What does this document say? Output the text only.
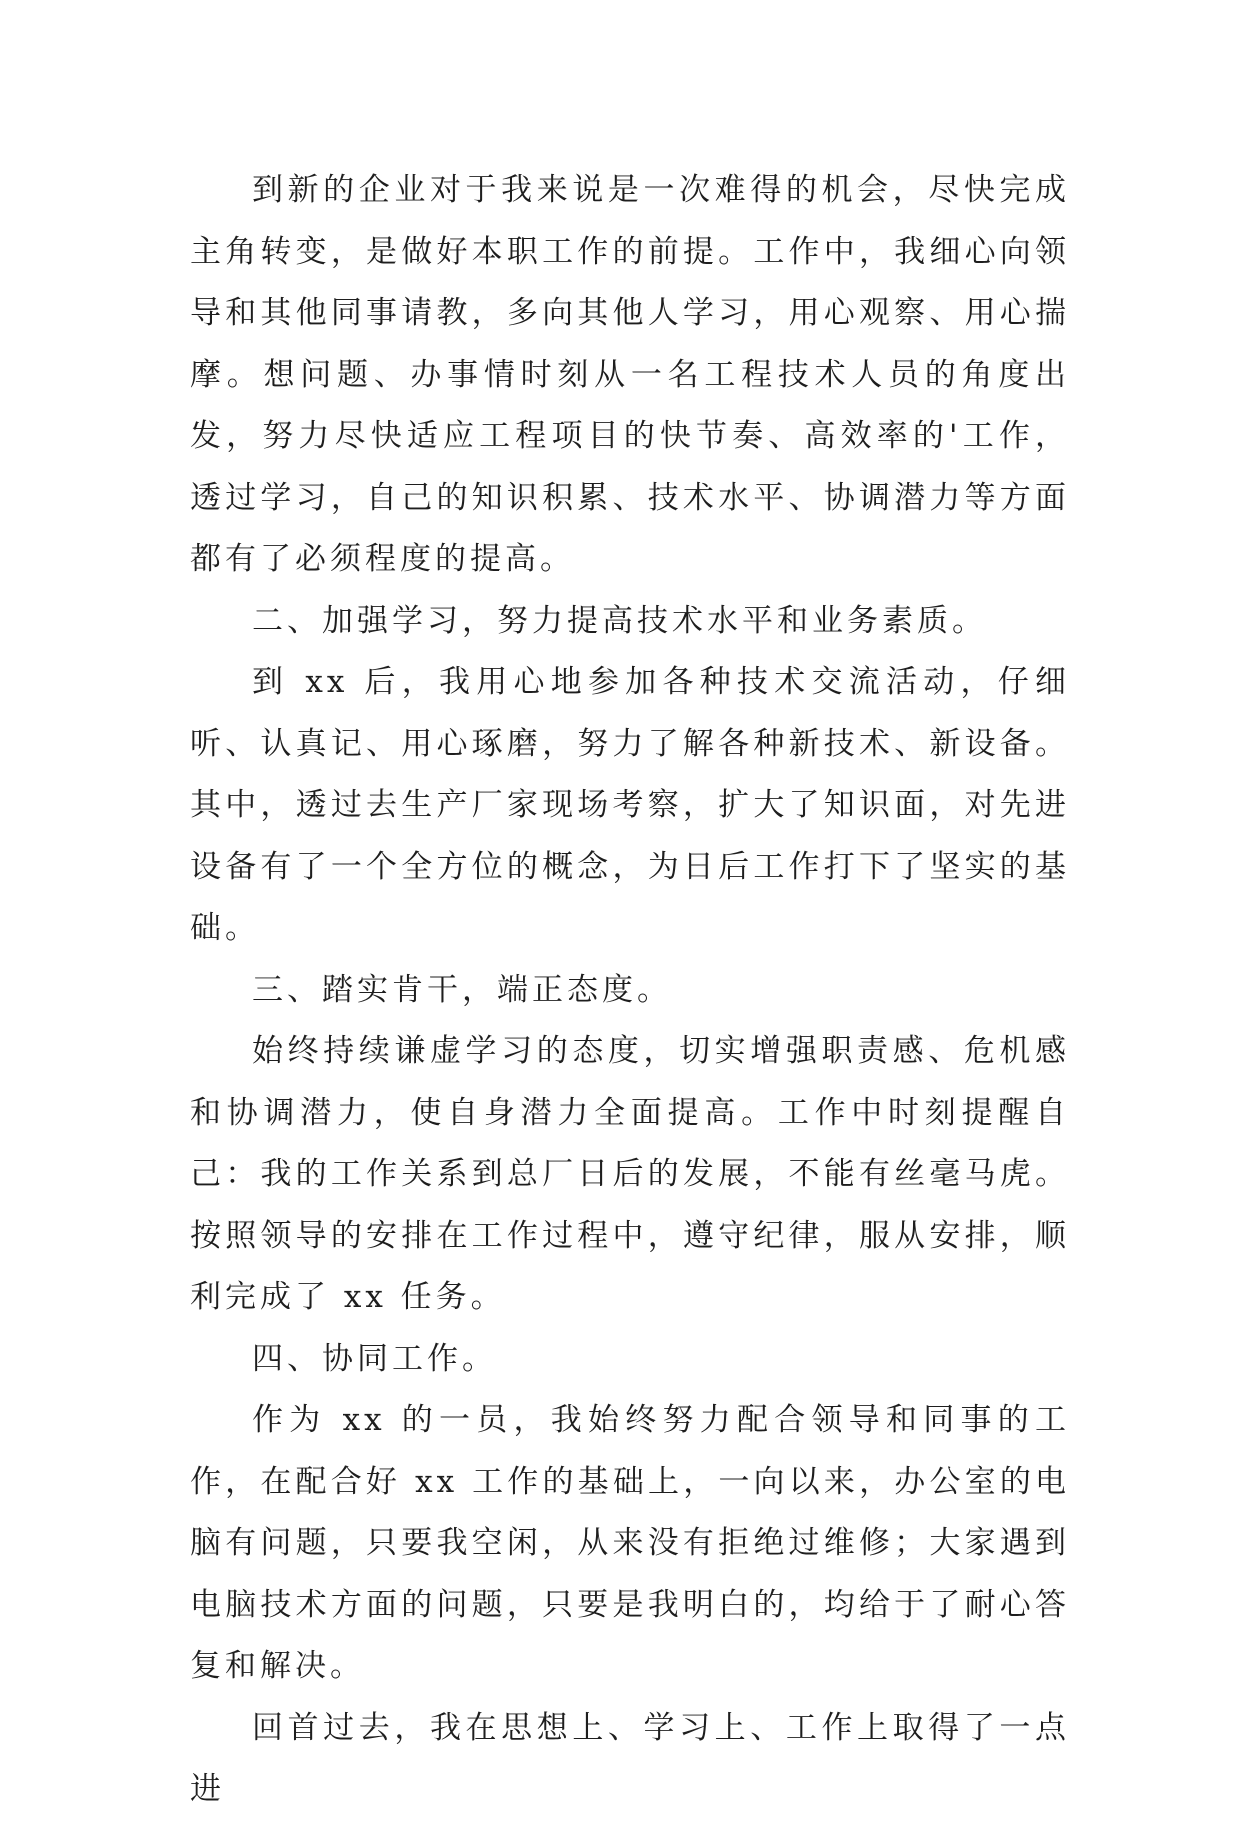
到新的企业对于我来说是一次难得的机会，尽快完成主角转变，是做好本职工作的前提。工作中，我细心向领导和其他同事请教，多向其他人学习，用心观察、用心揣摩。想问题、办事情时刻从一名工程技术人员的角度出发，努力尽快适应工程项目的快节奏、高效率的'工作，透过学习，自己的知识积累、技术水平、协调潜力等方面都有了必须程度的提高。

二、加强学习，努力提高技术水平和业务素质。

到 xx 后，我用心地参加各种技术交流活动，仔细听、认真记、用心琢磨，努力了解各种新技术、新设备。其中，透过去生产厂家现场考察，扩大了知识面，对先进设备有了一个全方位的概念，为日后工作打下了坚实的基础。

三、踏实肯干，端正态度。

始终持续谦虚学习的态度，切实增强职责感、危机感和协调潜力，使自身潜力全面提高。工作中时刻提醒自己：我的工作关系到总厂日后的发展，不能有丝毫马虎。按照领导的安排在工作过程中，遵守纪律，服从安排，顺利完成了 xx 任务。

四、协同工作。

作为 xx 的一员，我始终努力配合领导和同事的工作，在配合好 xx 工作的基础上，一向以来，办公室的电脑有问题，只要我空闲，从来没有拒绝过维修；大家遇到电脑技术方面的问题，只要是我明白的，均给于了耐心答复和解决。

回首过去，我在思想上、学习上、工作上取得了一点进
